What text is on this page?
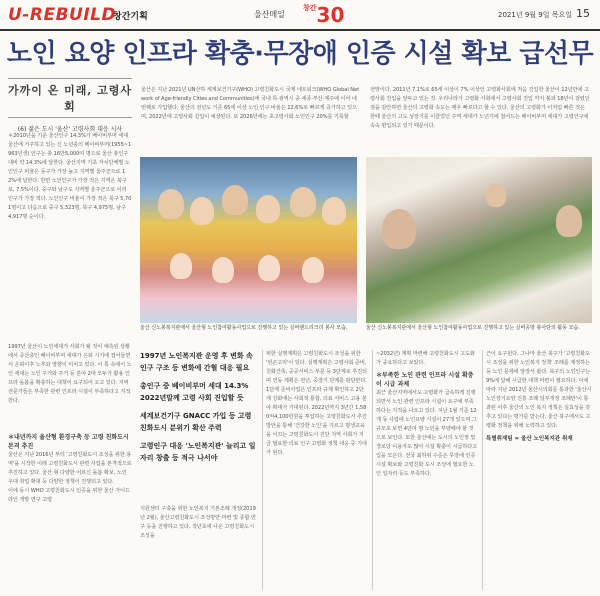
U-REBUILD
창간기획	울산매일
$^{창간}$30	2021년 9월 9일 목요일 15
노인 요양 인프라 확충·무장애 인증 시설 확보 급선무
가까이 온 미래, 고령사회
(6) 젊은 도시 '울산' 고령사회 대응 시사
울산은 지난 2021년 UN산하 세계보건기구(WHO) 고령친화도시 국제 네트워크(WHO Global Network of Age-friendly Cities and Communities)에 국내 특·광역시 중 세종·부산·제주에 이어 네 번째로 가입했다. 울산의 전년도 기준 65세 이상 노인 인구 비율은 12.6%로 빠르게 증가하고 있으며, 2022년에 고령사회 진입이 예상된다. 또 2026년에는 초고령사회 노인인구 20%를 기록할
전망이다. 2011년 7.1%로 65세 이상이 7% 이상인 고령화사회에 처음 진입한 울산이 12년만에 고령사회 진입을 앞두고 있는 것. 우리나라가 고령화 사회에서 고령사회 진입 까지 불과 18년이 걸렸던 점을 감안하면 울산의 고령화 속도는 매우 빠르다고 할 수 있다. 울산의 고령화가 이처럼 빠른 것은 한때 울산의 고도 성장기를 이끌었던 주역 세대가 노년기에 접어드는 베이비부머 세대가 고령인구에 속속 편입되고 있기 때문이다.
＊2010년을 기준 울산인구 14.3%가 베이비부머 세대 울산에 거주하고 있는 신 노년층의 베이비부머(1955~1963년생) 인구는 총 16만5,000여 명으로 울산 총인구 대비 약 14.3%에 달한다. 울산지역 기초 자치단체별 노인인구 비율은 동구가 가장 높고 지역별 울주군으로 12%에 달한다. 반면 노인인구가 가장 적은 지역은 북구로, 7.5%이다. 중구와 남구도 지역별 울주군으로 이러 인구가 가장 적다. 노인인구 비율이 가장 적은 북구 5,701명이고 다음으로 중구 5,323명, 북구 4,975명, 남구 4,917명 순이다.
1997년 울산이 노인세대가 사회가 될 것이 예측된 상황에서 중산층인 베이비부머 세대가 은퇴 시기에 접어들면서 은퇴이후 노후와 영향이 미치고 있다. 이 특 속에서 노인 세대는 노인 주거와 주거 등 분야 2대 모두가 활용 인프라 돌봄을 확충하는 대책이 요구되어 오고 있다. 지역 전문가들은 부족한 관련 인프라 시설이 부족하다고 지적한다.
＊내년까지 울산형 환경구축 등 고령 친화도시 본격 추진
울산은 지난 2016년 부터 '고령친화도시 조성을 위한 용역'을 시작한 이래 고령친화도시 관련 사업을 본격적으로 추진하고 있다. 울산 형 다양한 어르신 돌봄 확보, 노인 우대 취업 확대 등 다양한 정책이 진행되고 있다.
이에 동시 WHO 고령친화도시 인증을 위한 울산 가이드라인 개발 연구 고령
울산 신노봉복지관에서 울산형 노인참여활동사업으로 진행하고 있는 실버랜드리크리 봉사 모습.	울산 신노봉복지관에서 울산형 노인참여활동사업으로 진행하고 있는 실버공방 봉사단의 활동 모습.
1997년 노인복지관 운영 후 변화 속 인구 구조 등 변화에 간혈 대응 필요
총인구 중 베이비부머 세대 14.3% 2022년말께 고령 사회 진입할 듯
세계보건기구 GNACC 가입 등 고령친화도시 분위기 확산 주력
고령인구 대응 '노인복지관' 늘리고 일자리 창출 등 적극 나서야
지원센터 구축을 위한 노인복지 기본조례 개정(2019년 2월), 울산고령친화도시 조성방안 마련 및 종합 연구 등을 진행하고 있다. 작년초에 나온 고령친화도시 조성을
위한 실행계획은 고령친화도시 조성을 위한 '빈곤고리'이 있다. 실행계획은 고령사회 준비, 친화건축, 공공서비스 부문 등 3단계로 추진되며 연동 계획은 전년, 중장기 단계를 판단한다. 1단계 준비사업은 인프라 규제 확인하고 2단계 강화에는 사회적 통합, 의료 서비스 고용 분야 확대가 기대된다. 2022년까지 3년간 1,580억4,100만원을 투입하는 고령친화도시 추진방안을 통해 '건강한 노인'을 기르고 평생교육을 이끄는 고령친화도시 진단 지역 사회가 지금 필요한 의료 인구 고령화 정책 대응 중 기대가 된다.
~2032년) 계획 마련해 고령친화도시 고도화가 중요하다고 보았다.
＊부족한 노인 관련 인프라 시설 확충이 시급 과제
최근 울산지역에서도 고령화가 급속하게 진행되면서 노인 관련 인프라 시설이 요구에 부족하다는 지적을 나오고 있다. 지난 1월 기준 12개 동 사업에 노인요양 시설이 27개 있으며 그 규모로 보면 4만여 명 노인을 부양해야 할 것으로 보인다. 또한 울산에는 도시의 노인정 및 경로당 이용자도 많아 시설 확충이 시급하다고 입을 모은다. 전국 최하위 수준은 무장애 인증 시설 확보와 고령친화 도시 조성에 필요한 노인 일자리 등도 부족하다.
근이 요구된다. 그나마 울산 북구가 '고령친화도시 조성을 위한 노인복지 정책' 조례를 제정하는 등 노인 문제에 앞장서 왔다. 북구의 노인인구는 9%에 달해 시급한 대책 마련이 필요하다. 이에 따라 지난 2012년 울산시의회를 통과한 '울산시 노인장기요양 진흥 조례 일부개정 조례안'이 통과된 이후 울산의 노인 복지 정책은 실효성을 갖추고 있다는 평가를 받는다. 울산 북구에서도 고령화 정책을 위해 노력하고 있다.
특별취재팀 = 울산 노인복지관 취재
